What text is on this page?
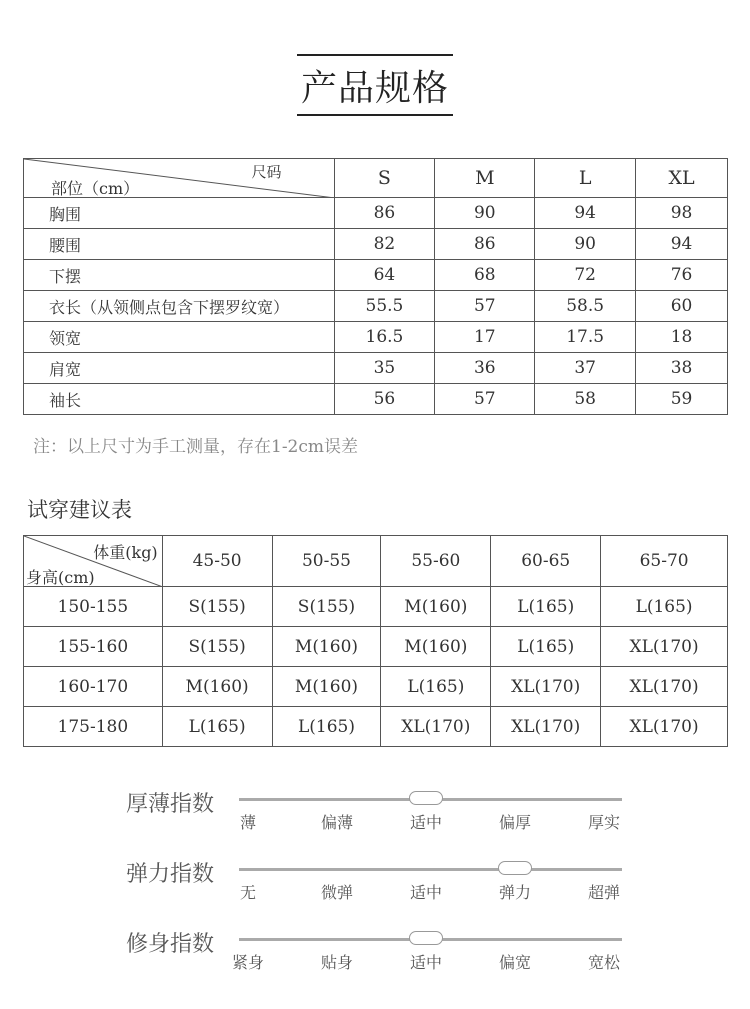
产品规格
尺码
部位（cm）	S	M	L	XL
胸围	86	90	94	98
腰围	82	86	90	94
下摆	64	68	72	76
衣长（从领侧点包含下摆罗纹宽）	55.5	57	58.5	60
领宽	16.5	17	17.5	18
肩宽	35	36	37	38
袖长	56	57	58	59
注：以上尺寸为手工测量，存在1-2cm误差
试穿建议表
体重(kg)
身高(cm)	45-50	50-55	55-60	60-65	65-70
150-155	S(155)	S(155)	M(160)	L(165)	L(165)
155-160	S(155)	M(160)	M(160)	L(165)	XL(170)
160-170	M(160)	M(160)	L(165)	XL(170)	XL(170)
175-180	L(165)	L(165)	XL(170)	XL(170)	XL(170)
厚薄指数
薄	偏薄	适中	偏厚	厚实
弹力指数
无	微弹	适中	弹力	超弹
修身指数
紧身	贴身	适中	偏宽	宽松
